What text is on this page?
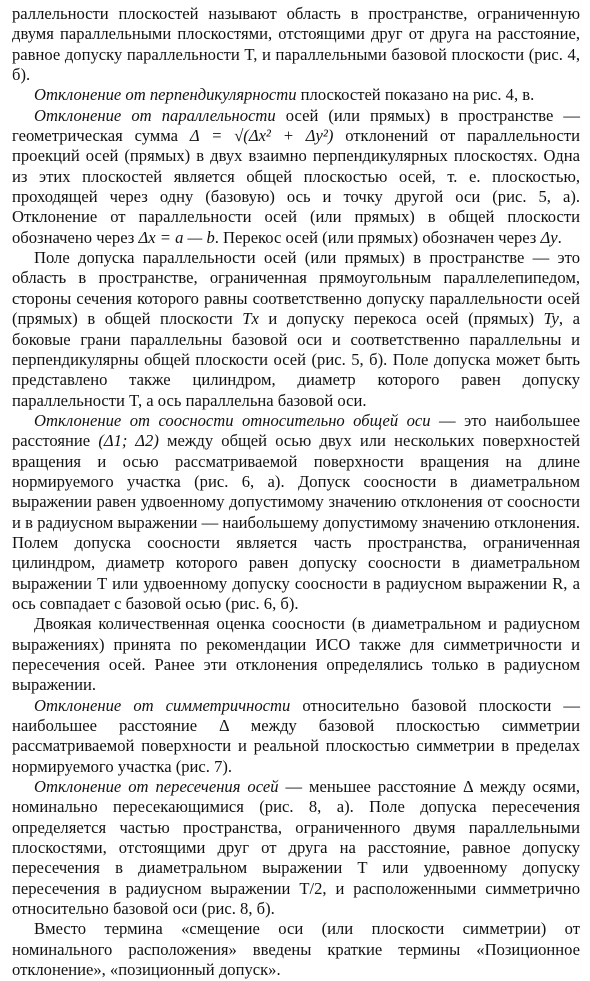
раллельности плоскостей называют область в пространстве, ограниченную двумя параллельными плоскостями, отстоящими друг от друга на расстояние, равное допуску параллельности T, и параллельными базовой плоскости (рис. 4, б).

Отклонение от перпендикулярности плоскостей показано на рис. 4, в.

Отклонение от параллельности осей (или прямых) в пространстве — геометрическая сумма Δ = √(Δx² + Δy²) отклонений от параллельности проекций осей (прямых) в двух взаимно перпендикулярных плоскостях. Одна из этих плоскостей является общей плоскостью осей, т. е. плоскостью, проходящей через одну (базовую) ось и точку другой оси (рис. 5, а). Отклонение от параллельности осей (или прямых) в общей плоскости обозначено через Δx = a — b. Перекос осей (или прямых) обозначен через Δy.

Поле допуска параллельности осей (или прямых) в пространстве — это область в пространстве, ограниченная прямоугольным параллелепипедом, стороны сечения которого равны соответственно допуску параллельности осей (прямых) в общей плоскости Tx и допуску перекоса осей (прямых) Ty, а боковые грани параллельны базовой оси и соответственно параллельны и перпендикулярны общей плоскости осей (рис. 5, б). Поле допуска может быть представлено также цилиндром, диаметр которого равен допуску параллельности T, а ось параллельна базовой оси.

Отклонение от соосности относительно общей оси — это наибольшее расстояние (Δ1; Δ2) между общей осью двух или нескольких поверхностей вращения и осью рассматриваемой поверхности вращения на длине нормируемого участка (рис. 6, а). Допуск соосности в диаметральном выражении равен удвоенному допустимому значению отклонения от соосности и в радиусном выражении — наибольшему допустимому значению отклонения. Полем допуска соосности является часть пространства, ограниченная цилиндром, диаметр которого равен допуску соосности в диаметральном выражении T или удвоенному допуску соосности в радиусном выражении R, а ось совпадает с базовой осью (рис. 6, б).

Двоякая количественная оценка соосности (в диаметральном и радиусном выражениях) принята по рекомендации ИСО также для симметричности и пересечения осей. Ранее эти отклонения определялись только в радиусном выражении.

Отклонение от симметричности относительно базовой плоскости — наибольшее расстояние Δ между базовой плоскостью симметрии рассматриваемой поверхности и реальной плоскостью симметрии в пределах нормируемого участка (рис. 7).

Отклонение от пересечения осей — меньшее расстояние Δ между осями, номинально пересекающимися (рис. 8, а). Поле допуска пересечения определяется частью пространства, ограниченного двумя параллельными плоскостями, отстоящими друг от друга на расстояние, равное допуску пересечения в диаметральном выражении T или удвоенному допуску пересечения в радиусном выражении T/2, и расположенными симметрично относительно базовой оси (рис. 8, б).

Вместо термина «смещение оси (или плоскости симметрии) от номинального расположения» введены краткие термины «Позиционное отклонение», «позиционный допуск».
